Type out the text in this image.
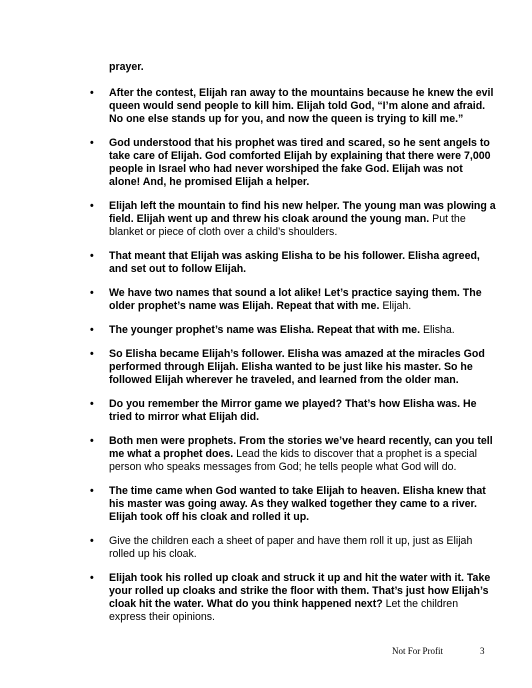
prayer.
• After the contest, Elijah ran away to the mountains because he knew the evil queen would send people to kill him. Elijah told God, “I’m alone and afraid. No one else stands up for you, and now the queen is trying to kill me.”
• God understood that his prophet was tired and scared, so he sent angels to take care of Elijah. God comforted Elijah by explaining that there were 7,000 people in Israel who had never worshiped the fake God. Elijah was not alone! And, he promised Elijah a helper.
• Elijah left the mountain to find his new helper. The young man was plowing a field. Elijah went up and threw his cloak around the young man. Put the blanket or piece of cloth over a child’s shoulders.
• That meant that Elijah was asking Elisha to be his follower. Elisha agreed, and set out to follow Elijah.
• We have two names that sound a lot alike! Let’s practice saying them. The older prophet’s name was Elijah. Repeat that with me. Elijah.
• The younger prophet’s name was Elisha. Repeat that with me. Elisha.
• So Elisha became Elijah’s follower. Elisha was amazed at the miracles God performed through Elijah. Elisha wanted to be just like his master. So he followed Elijah wherever he traveled, and learned from the older man.
• Do you remember the Mirror game we played? That’s how Elisha was. He tried to mirror what Elijah did.
• Both men were prophets. From the stories we’ve heard recently, can you tell me what a prophet does. Lead the kids to discover that a prophet is a special person who speaks messages from God; he tells people what God will do.
• The time came when God wanted to take Elijah to heaven. Elisha knew that his master was going away. As they walked together they came to a river. Elijah took off his cloak and rolled it up.
• Give the children each a sheet of paper and have them roll it up, just as Elijah rolled up his cloak.
• Elijah took his rolled up cloak and struck it up and hit the water with it. Take your rolled up cloaks and strike the floor with them. That’s just how Elijah’s cloak hit the water. What do you think happened next? Let the children express their opinions.
Not For Profit	3
